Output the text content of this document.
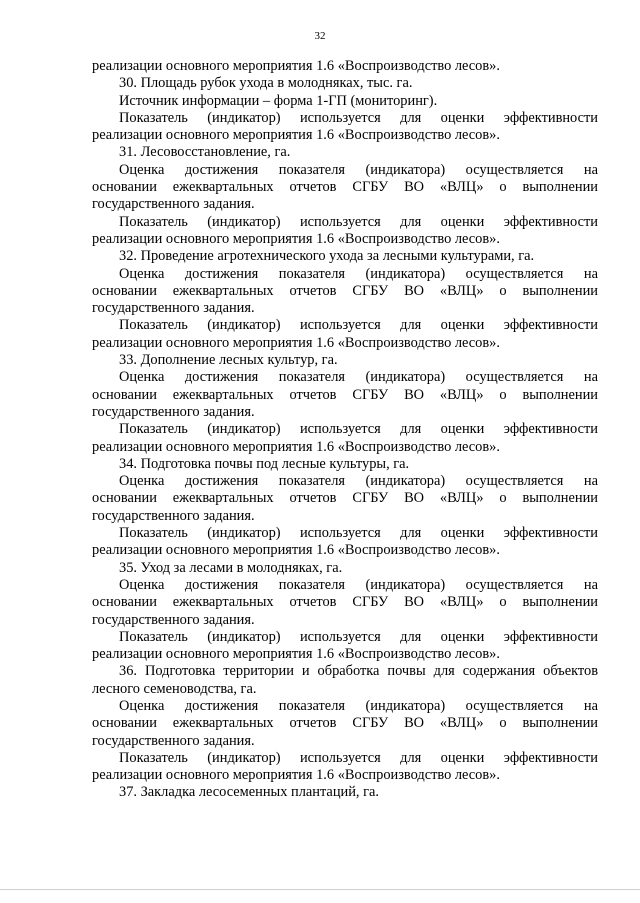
32

реализации основного мероприятия 1.6 «Воспроизводство лесов».

30. Площадь рубок ухода в молодняках, тыс. га.

Источник информации – форма 1-ГП (мониторинг).

Показатель (индикатор) используется для оценки эффективности

реализации основного мероприятия 1.6 «Воспроизводство лесов».

31. Лесовосстановление, га.

Оценка достижения показателя (индикатора) осуществляется на

основании ежеквартальных отчетов СГБУ ВО «ВЛЦ» о выполнении

государственного задания.

Показатель (индикатор) используется для оценки эффективности

реализации основного мероприятия 1.6 «Воспроизводство лесов».

32. Проведение агротехнического ухода за лесными культурами, га.

Оценка достижения показателя (индикатора) осуществляется на

основании ежеквартальных отчетов СГБУ ВО «ВЛЦ» о выполнении

государственного задания.

Показатель (индикатор) используется для оценки эффективности

реализации основного мероприятия 1.6 «Воспроизводство лесов».

33. Дополнение лесных культур, га.

Оценка достижения показателя (индикатора) осуществляется на

основании ежеквартальных отчетов СГБУ ВО «ВЛЦ» о выполнении

государственного задания.

Показатель (индикатор) используется для оценки эффективности

реализации основного мероприятия 1.6 «Воспроизводство лесов».

34. Подготовка почвы под лесные культуры, га.

Оценка достижения показателя (индикатора) осуществляется на

основании ежеквартальных отчетов СГБУ ВО «ВЛЦ» о выполнении

государственного задания.

Показатель (индикатор) используется для оценки эффективности

реализации основного мероприятия 1.6 «Воспроизводство лесов».

35. Уход за лесами в молодняках, га.

Оценка достижения показателя (индикатора) осуществляется на

основании ежеквартальных отчетов СГБУ ВО «ВЛЦ» о выполнении

государственного задания.

Показатель (индикатор) используется для оценки эффективности

реализации основного мероприятия 1.6 «Воспроизводство лесов».

36. Подготовка территории и обработка почвы для содержания объектов

лесного семеноводства, га.

Оценка достижения показателя (индикатора) осуществляется на

основании ежеквартальных отчетов СГБУ ВО «ВЛЦ» о выполнении

государственного задания.

Показатель (индикатор) используется для оценки эффективности

реализации основного мероприятия 1.6 «Воспроизводство лесов».

37. Закладка лесосеменных плантаций, га.
